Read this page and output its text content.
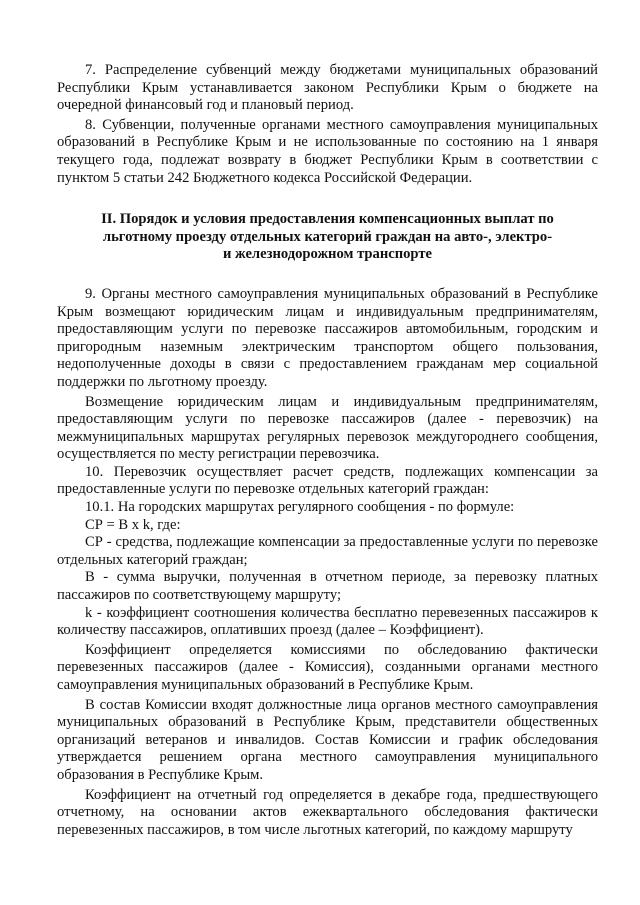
7. Распределение субвенций между бюджетами муниципальных образований Республики Крым устанавливается законом Республики Крым о бюджете на очередной финансовый год и плановый период.

8. Субвенции, полученные органами местного самоуправления муниципальных образований в Республике Крым и не использованные по состоянию на 1 января текущего года, подлежат возврату в бюджет Республики Крым в соответствии с пунктом 5 статьи 242 Бюджетного кодекса Российской Федерации.

II. Порядок и условия предоставления компенсационных выплат по льготному проезду отдельных категорий граждан на авто-, электро- и железнодорожном транспорте

9. Органы местного самоуправления муниципальных образований в Республике Крым возмещают юридическим лицам и индивидуальным предпринимателям, предоставляющим услуги по перевозке пассажиров автомобильным, городским и пригородным наземным электрическим транспортом общего пользования, недополученные доходы в связи с предоставлением гражданам мер социальной поддержки по льготному проезду.

Возмещение юридическим лицам и индивидуальным предпринимателям, предоставляющим услуги по перевозке пассажиров (далее - перевозчик) на межмуниципальных маршрутах регулярных перевозок междугороднего сообщения, осуществляется по месту регистрации перевозчика.

10. Перевозчик осуществляет расчет средств, подлежащих компенсации за предоставленные услуги по перевозке отдельных категорий граждан:

10.1. На городских маршрутах регулярного сообщения - по формуле:

СР = В x k, где:

СР - средства, подлежащие компенсации за предоставленные услуги по перевозке отдельных категорий граждан;

В - сумма выручки, полученная в отчетном периоде, за перевозку платных пассажиров по соответствующему маршруту;

k - коэффициент соотношения количества бесплатно перевезенных пассажиров к количеству пассажиров, оплативших проезд (далее – Коэффициент).

Коэффициент определяется комиссиями по обследованию фактически перевезенных пассажиров (далее - Комиссия), созданными органами местного самоуправления муниципальных образований в Республике Крым.

В состав Комиссии входят должностные лица органов местного самоуправления муниципальных образований в Республике Крым, представители общественных организаций ветеранов и инвалидов. Состав Комиссии и график обследования утверждается решением органа местного самоуправления муниципального образования в Республике Крым.

Коэффициент на отчетный год определяется в декабре года, предшествующего отчетному, на основании актов ежеквартального обследования фактически перевезенных пассажиров, в том числе льготных категорий, по каждому маршруту
